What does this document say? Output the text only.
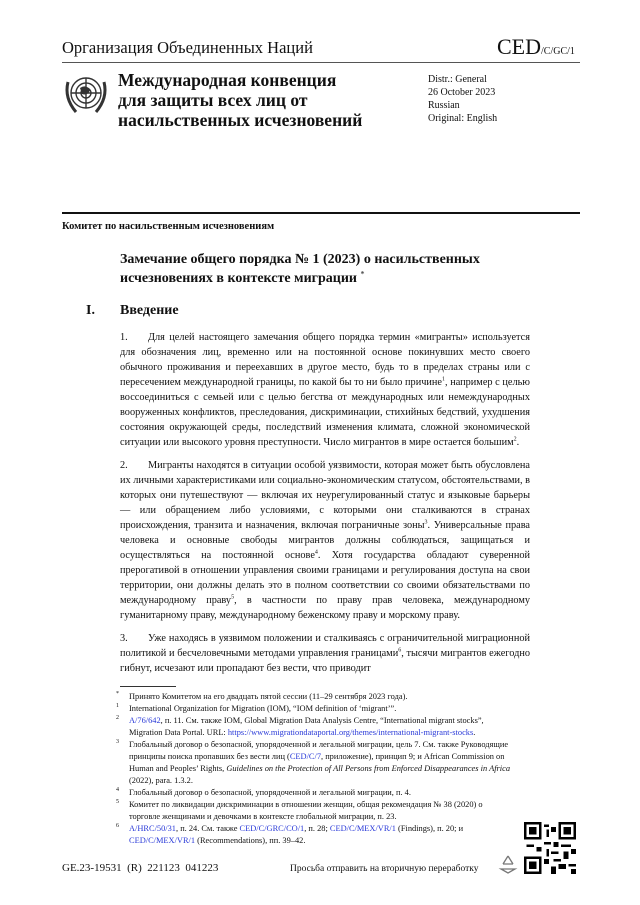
Организация Объединенных Наций	CED/C/GC/1
Международная конвенция
для защиты всех лиц от
насильственных исчезновений
Distr.: General
26 October 2023
Russian
Original: English
Комитет по насильственным исчезновениям
Замечание общего порядка № 1 (2023) о насильственных
исчезновениях в контексте миграции *
I. Введение
1. Для целей настоящего замечания общего порядка термин «мигранты» используется для обозначения лиц, временно или на постоянной основе покинувших место своего обычного проживания и переехавших в другое место, будь то в пределах страны или с пересечением международной границы, по какой бы то ни было причине$^1$, например с целью воссоединиться с семьей или с целью бегства от международных или немеждународных вооруженных конфликтов, преследования, дискриминации, стихийных бедствий, ухудшения состояния окружающей среды, последствий изменения климата, сложной экономической ситуации или высокого уровня преступности. Число мигрантов в мире остается большим$^2$.
2. Мигранты находятся в ситуации особой уязвимости, которая может быть обусловлена их личными характеристиками или социально-экономическим статусом, обстоятельствами, в которых они путешествуют — включая их неурегулированный статус и языковые барьеры — или обращением либо условиями, с которыми они сталкиваются в странах происхождения, транзита и назначения, включая пограничные зоны$^3$. Универсальные права человека и основные свободы мигрантов должны соблюдаться, защищаться и осуществляться на постоянной основе$^4$. Хотя государства обладают суверенной прерогативой в отношении управления своими границами и регулирования доступа на свои территории, они должны делать это в полном соответствии со своими обязательствами по международному праву$^5$, в частности по праву прав человека, международному гуманитарному праву, международному беженскому праву и морскому праву.
3. Уже находясь в уязвимом положении и сталкиваясь с ограничительной миграционной политикой и бесчеловечными методами управления границами$^6$, тысячи мигрантов ежегодно гибнут, исчезают или пропадают без вести, что приводит
* Принято Комитетом на его двадцать пятой сессии (11–29 сентября 2023 года).
1 International Organization for Migration (IOM), “IOM definition of ‘migrant’”.
2 A/76/642, п. 11. См. также IOM, Global Migration Data Analysis Centre, “International migrant stocks”, Migration Data Portal. URL: https://www.migrationdataportal.org/themes/international-migrant-stocks.
3 Глобальный договор о безопасной, упорядоченной и легальной миграции, цель 7. См. также Руководящие принципы поиска пропавших без вести лиц (CED/C/7, приложение), принцип 9; и African Commission on Human and Peoples’ Rights, Guidelines on the Protection of All Persons from Enforced Disappearances in Africa (2022), para. 1.3.2.
4 Глобальный договор о безопасной, упорядоченной и легальной миграции, п. 4.
5 Комитет по ликвидации дискриминации в отношении женщин, общая рекомендация № 38 (2020) о торговле женщинами и девочками в контексте глобальной миграции, п. 23.
6 A/HRC/50/31, п. 24. См. также CED/C/GRC/CO/1, п. 28; CED/C/MEX/VR/1 (Findings), п. 20; и CED/C/MEX/VR/1 (Recommendations), пп. 39–42.
GE.23-19531  (R)  221123  041223	Просьба отправить на вторичную переработку
